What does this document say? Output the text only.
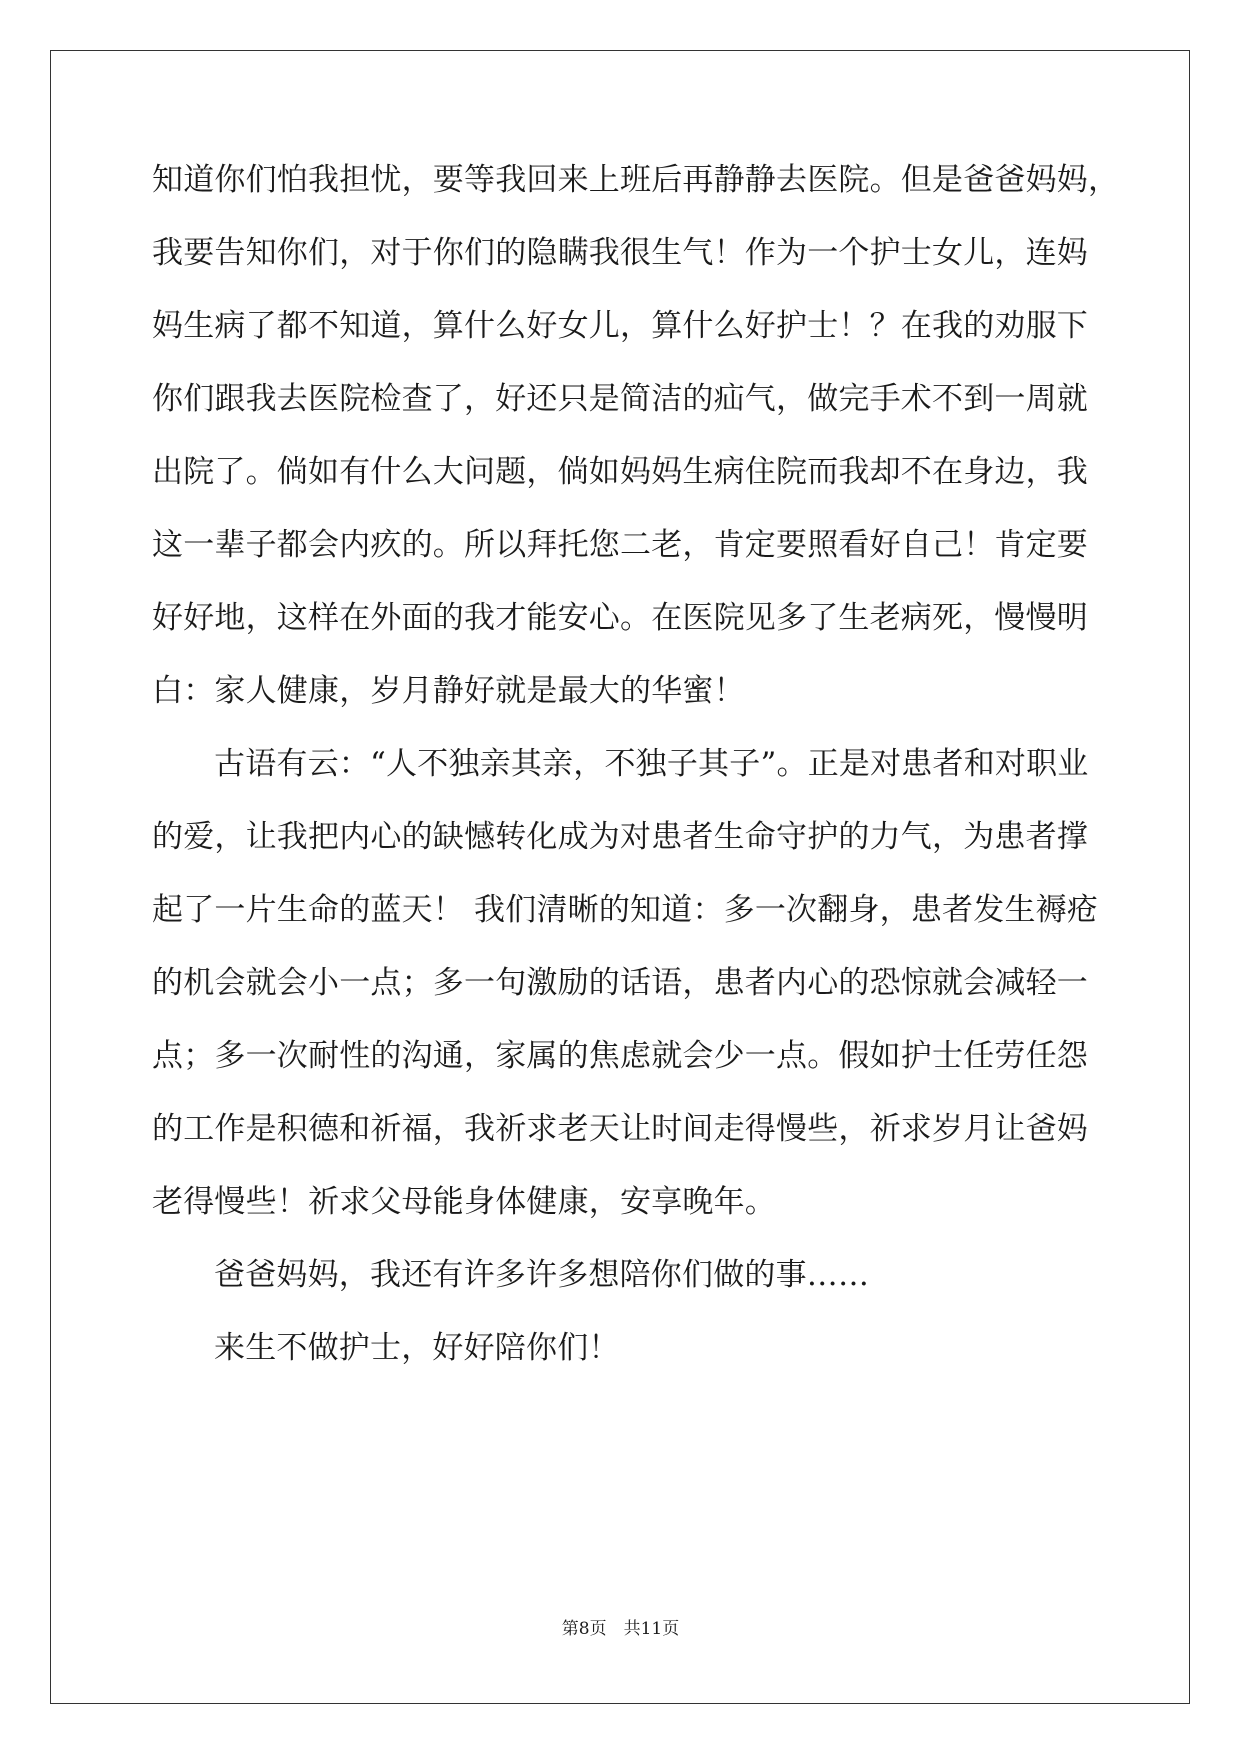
知道你们怕我担忧，要等我回来上班后再静静去医院。但是爸爸妈妈，
我要告知你们，对于你们的隐瞒我很生气！作为一个护士女儿，连妈
妈生病了都不知道，算什么好女儿，算什么好护士！？在我的劝服下
你们跟我去医院检查了，好还只是简洁的疝气，做完手术不到一周就
出院了。倘如有什么大问题，倘如妈妈生病住院而我却不在身边，我
这一辈子都会内疚的。所以拜托您二老，肯定要照看好自己！肯定要
好好地，这样在外面的我才能安心。在医院见多了生老病死，慢慢明
白：家人健康，岁月静好就是最大的华蜜！
古语有云：“人不独亲其亲，不独子其子”。正是对患者和对职业
的爱，让我把内心的缺憾转化成为对患者生命守护的力气，为患者撑
起了一片生命的蓝天！ 我们清晰的知道：多一次翻身，患者发生褥疮
的机会就会小一点；多一句激励的话语，患者内心的恐惊就会减轻一
点；多一次耐性的沟通，家属的焦虑就会少一点。假如护士任劳任怨
的工作是积德和祈福，我祈求老天让时间走得慢些，祈求岁月让爸妈
老得慢些！祈求父母能身体健康，安享晚年。
爸爸妈妈，我还有许多许多想陪你们做的事……
来生不做护士，好好陪你们！
第8页　共11页
